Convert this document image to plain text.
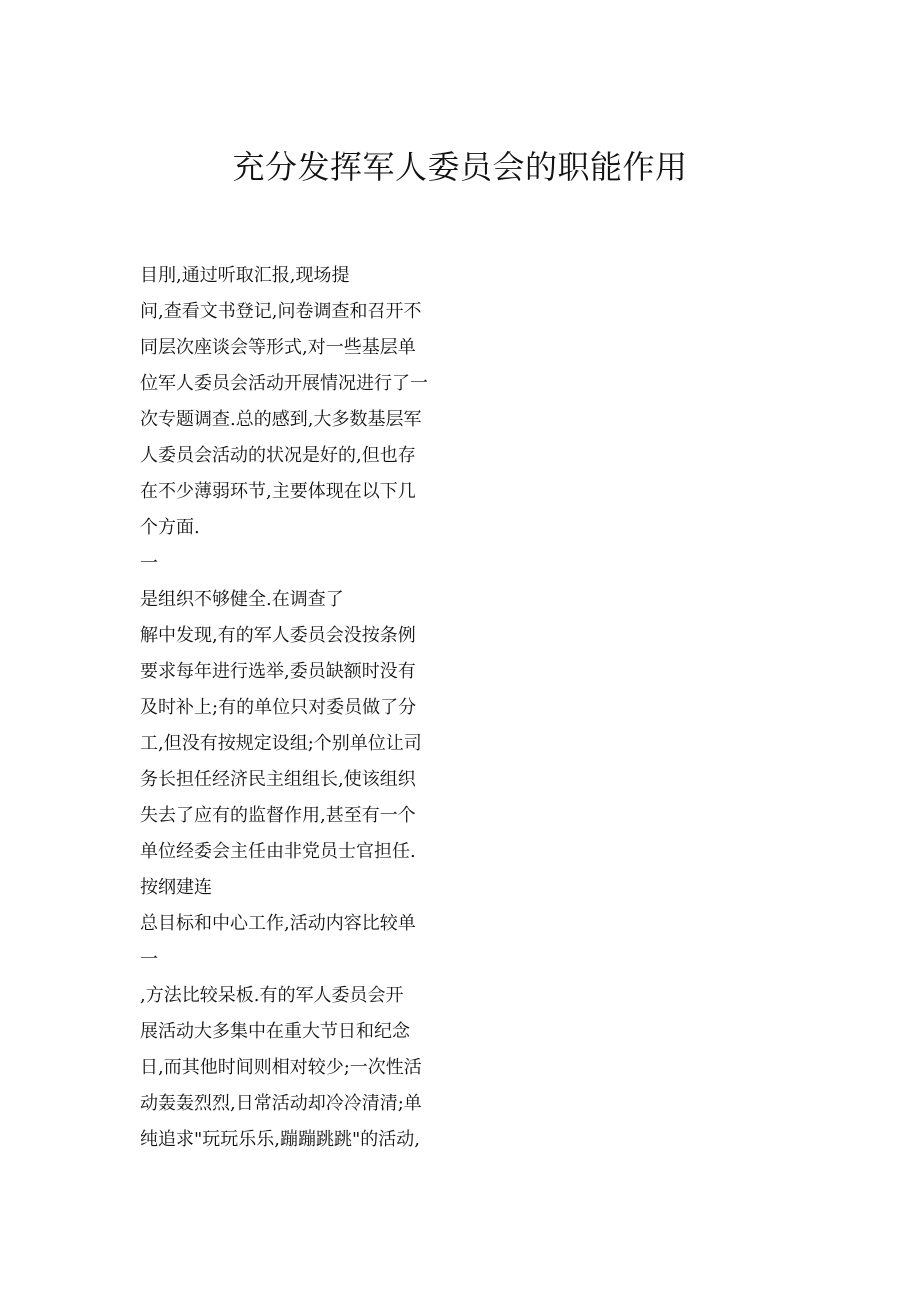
充分发挥军人委员会的职能作用
目刖,通过听取汇报,现场提
问,查看文书登记,问卷调查和召开不
同层次座谈会等形式,对一些基层单
位军人委员会活动开展情况进行了一
次专题调查.总的感到,大多数基层军
人委员会活动的状况是好的,但也存
在不少薄弱环节,主要体现在以下几
个方面.
一
是组织不够健全.在调查了
解中发现,有的军人委员会没按条例
要求每年进行选举,委员缺额时没有
及时补上;有的单位只对委员做了分
工,但没有按规定设组;个别单位让司
务长担任经济民主组组长,使该组织
失去了应有的监督作用,甚至有一个
单位经委会主任由非党员士官担任.
按纲建连
总目标和中心工作,活动内容比较单
一
,方法比较呆板.有的军人委员会开
展活动大多集中在重大节日和纪念
日,而其他时间则相对较少;一次性活
动轰轰烈烈,日常活动却冷冷清清;单
纯追求"玩玩乐乐,蹦蹦跳跳"的活动,
